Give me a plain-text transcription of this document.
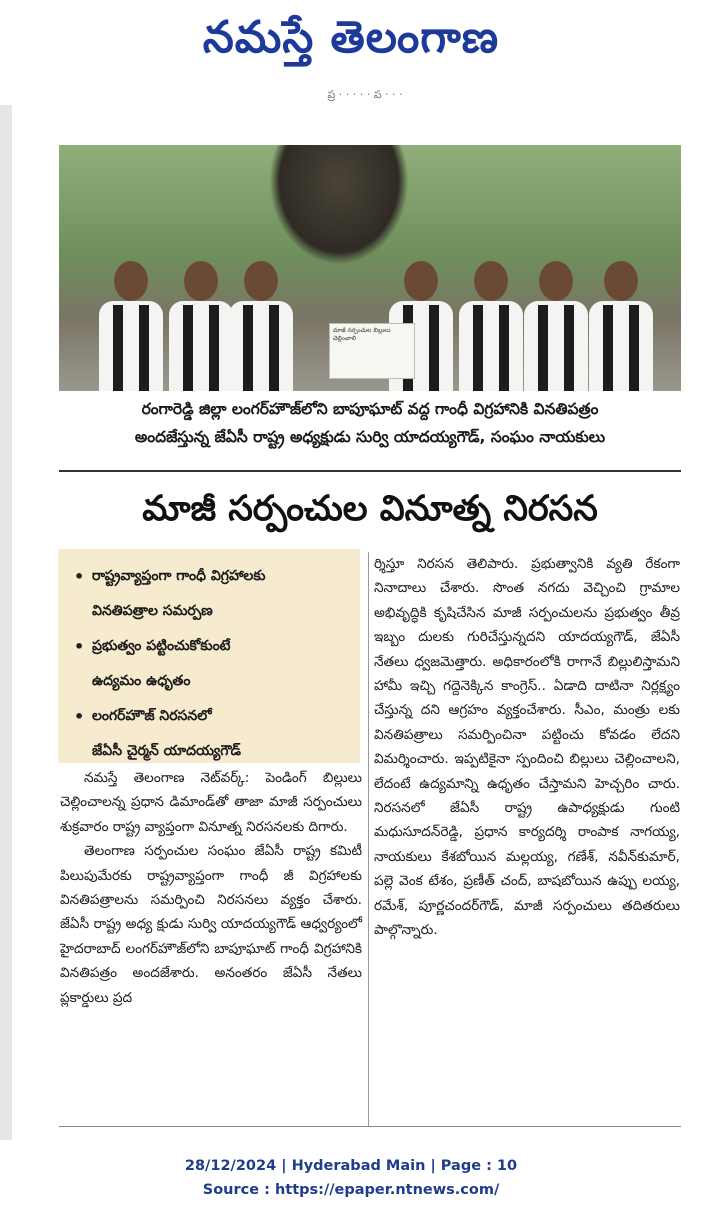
నమస్తే తెలంగాణ
ప్ర · · · · · ప · · ·
మాజీ సర్పంచుల బిల్లులు చెల్లించాలి
రంగారెడ్డి జిల్లా లంగర్‌హౌజ్‌లోని బాపూఘాట్ వద్ద గాంధీ విగ్రహానికి వినతిపత్రం
అందజేస్తున్న జేఏసీ రాష్ట్ర అధ్యక్షుడు సుర్వి యాదయ్యగౌడ్, సంఘం నాయకులు
మాజీ సర్పంచుల వినూత్న నిరసన
• రాష్ట్రవ్యాప్తంగా గాంధీ విగ్రహాలకు
వినతిపత్రాల సమర్పణ
• ప్రభుత్వం పట్టించుకోకుంటే
ఉద్యమం ఉధృతం
• లంగర్‌హౌజ్ నిరసనలో
జేఏసీ చైర్మన్ యాదయ్యగౌడ్

నమస్తే తెలంగాణ నెట్‌వర్క్: పెండింగ్ బిల్లులు చెల్లించాలన్న ప్రధాన డిమాండ్‌తో తాజా మాజీ సర్పంచులు శుక్రవారం రాష్ట్ర వ్యాప్తంగా వినూత్న నిరసనలకు దిగారు.

తెలంగాణ సర్పంచుల సంఘం జేఏసీ రాష్ట్ర కమిటీ పిలుపుమేరకు రాష్ట్రవ్యాప్తంగా గాంధీ జీ విగ్రహాలకు వినతిపత్రాలను సమర్పించి నిరసనలు వ్యక్తం చేశారు. జేఏసీ రాష్ట్ర అధ్య క్షుడు సుర్వి యాదయ్యగౌడ్ ఆధ్వర్యంలో హైదరాబాద్ లంగర్‌హౌజ్‌లోని బాపూఘాట్ గాంధీ విగ్రహానికి వినతిపత్రం అందజేశారు. అనంతరం జేఏసీ నేతలు ప్లకార్డులు ప్రద

ర్శిస్తూ నిరసన తెలిపారు. ప్రభుత్వానికి వ్యతి రేకంగా నినాదాలు చేశారు. సొంత నగదు వెచ్చించి గ్రామాల అభివృద్ధికి కృషిచేసిన మాజీ సర్పంచులను ప్రభుత్వం తీవ్ర ఇబ్బం దులకు గురిచేస్తున్నదని యాదయ్యగౌడ్, జేఏసీ నేతలు ధ్వజమెత్తారు. అధికారంలోకి రాగానే బిల్లులిస్తామని హామీ ఇచ్చి గద్దెనెక్కిన కాంగ్రెస్.. ఏడాది దాటినా నిర్లక్ష్యం చేస్తున్న దని ఆగ్రహం వ్యక్తంచేశారు. సీఎం, మంత్రు లకు వినతిపత్రాలు సమర్పించినా పట్టించు కోవడం లేదని విమర్శించారు. ఇప్పటికైనా స్పందించి బిల్లులు చెల్లించాలని, లేదంటే ఉద్యమాన్ని ఉధృతం చేస్తామని హెచ్చరిం చారు. నిరసనలో జేఏసీ రాష్ట్ర ఉపాధ్యక్షుడు గుంటి మధుసూదన్‌రెడ్డి, ప్రధాన కార్యదర్శి రాంపాక నాగయ్య, నాయకులు కేశబోయిన మల్లయ్య, గణేశ్, నవీన్‌కుమార్, పల్లె వెంక టేశం, ప్రణీత్ చంద్, బాషబోయిన ఉప్పు లయ్య, రమేశ్, పూర్ణచందర్‌గౌడ్, మాజీ సర్పంచులు తదితరులు పాల్గొన్నారు.

28/12/2024 | Hyderabad Main | Page : 10
Source : https://epaper.ntnews.com/
